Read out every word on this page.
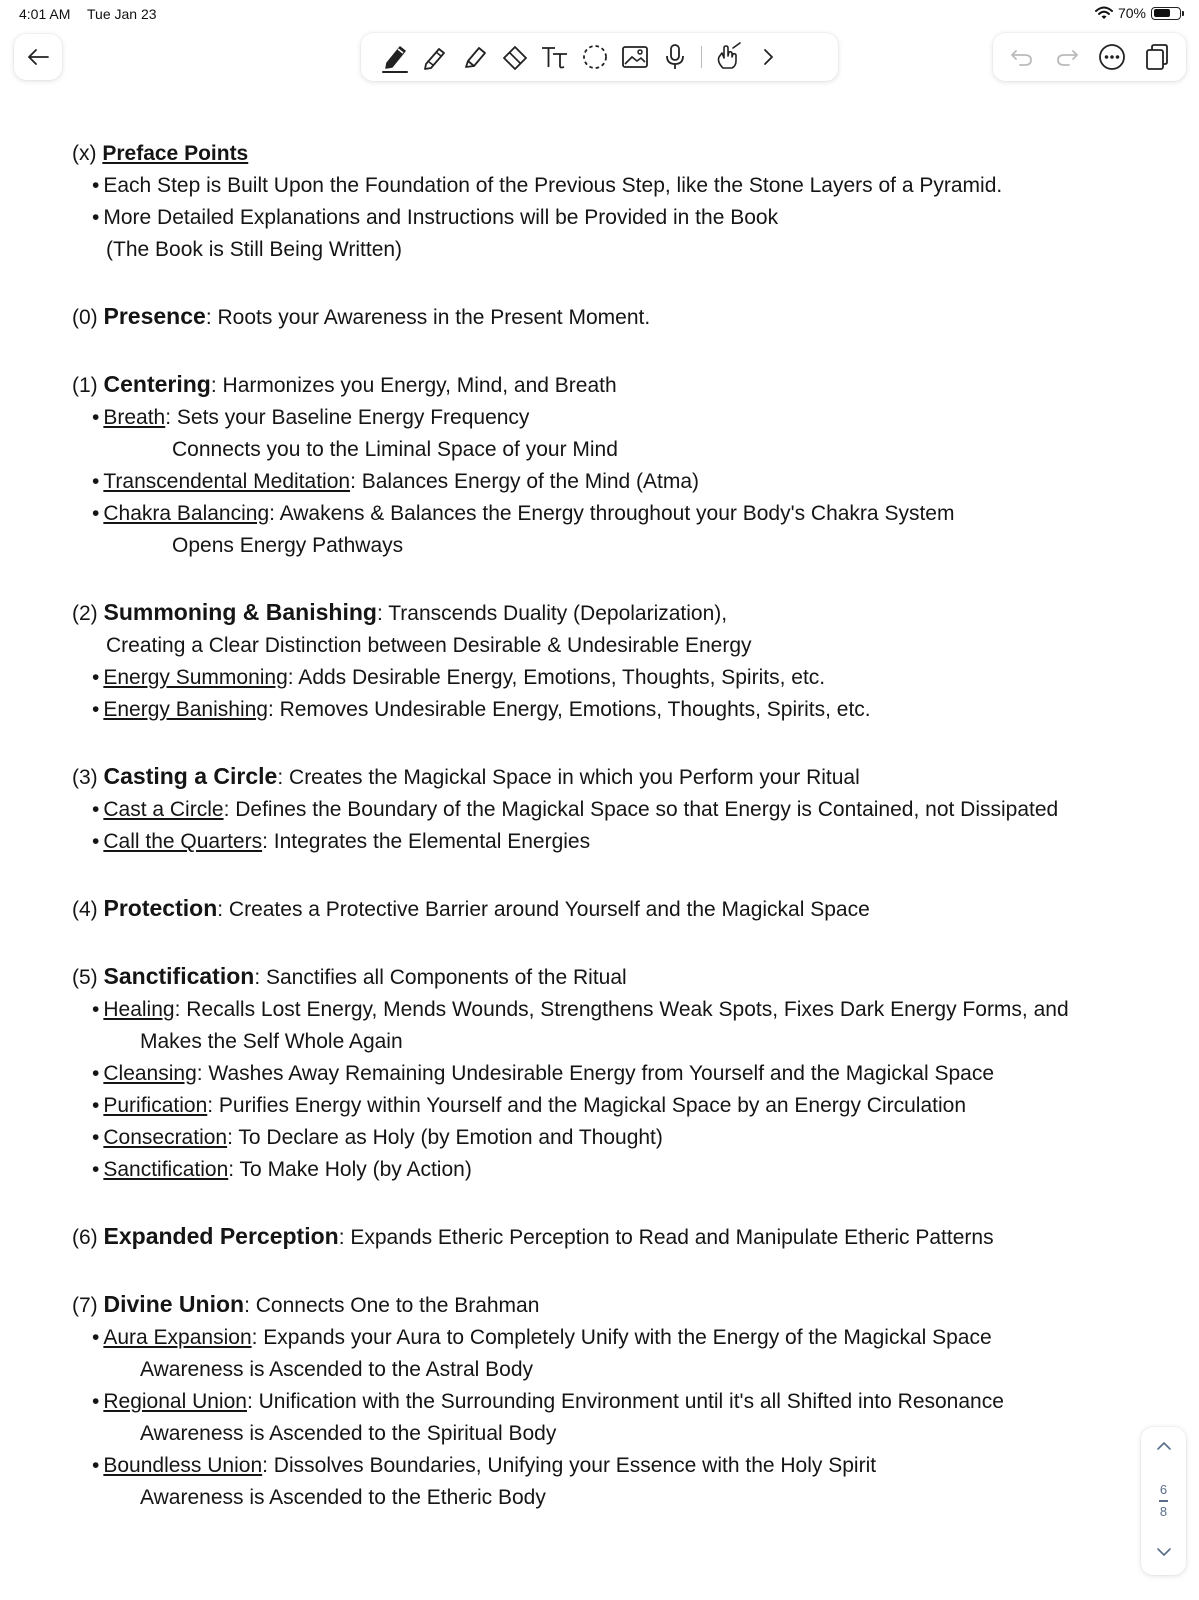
4:01 AM Tue Jan 23	70%
(x) Preface Points
• Each Step is Built Upon the Foundation of the Previous Step, like the Stone Layers of a Pyramid.
• More Detailed Explanations and Instructions will be Provided in the Book
(The Book is Still Being Written)
(0) Presence: Roots your Awareness in the Present Moment.
(1) Centering: Harmonizes you Energy, Mind, and Breath
• Breath: Sets your Baseline Energy Frequency
Connects you to the Liminal Space of your Mind
• Transcendental Meditation: Balances Energy of the Mind (Atma)
• Chakra Balancing: Awakens & Balances the Energy throughout your Body's Chakra System
Opens Energy Pathways
(2) Summoning & Banishing: Transcends Duality (Depolarization),
Creating a Clear Distinction between Desirable & Undesirable Energy
• Energy Summoning: Adds Desirable Energy, Emotions, Thoughts, Spirits, etc.
• Energy Banishing: Removes Undesirable Energy, Emotions, Thoughts, Spirits, etc.
(3) Casting a Circle: Creates the Magickal Space in which you Perform your Ritual
• Cast a Circle: Defines the Boundary of the Magickal Space so that Energy is Contained, not Dissipated
• Call the Quarters: Integrates the Elemental Energies
(4) Protection: Creates a Protective Barrier around Yourself and the Magickal Space
(5) Sanctification: Sanctifies all Components of the Ritual
• Healing: Recalls Lost Energy, Mends Wounds, Strengthens Weak Spots, Fixes Dark Energy Forms, and
Makes the Self Whole Again
• Cleansing: Washes Away Remaining Undesirable Energy from Yourself and the Magickal Space
• Purification: Purifies Energy within Yourself and the Magickal Space by an Energy Circulation
• Consecration: To Declare as Holy (by Emotion and Thought)
• Sanctification: To Make Holy (by Action)
(6) Expanded Perception: Expands Etheric Perception to Read and Manipulate Etheric Patterns
(7) Divine Union: Connects One to the Brahman
• Aura Expansion: Expands your Aura to Completely Unify with the Energy of the Magickal Space
Awareness is Ascended to the Astral Body
• Regional Union: Unification with the Surrounding Environment until it's all Shifted into Resonance
Awareness is Ascended to the Spiritual Body
• Boundless Union: Dissolves Boundaries, Unifying your Essence with the Holy Spirit
Awareness is Ascended to the Etheric Body	6
8
